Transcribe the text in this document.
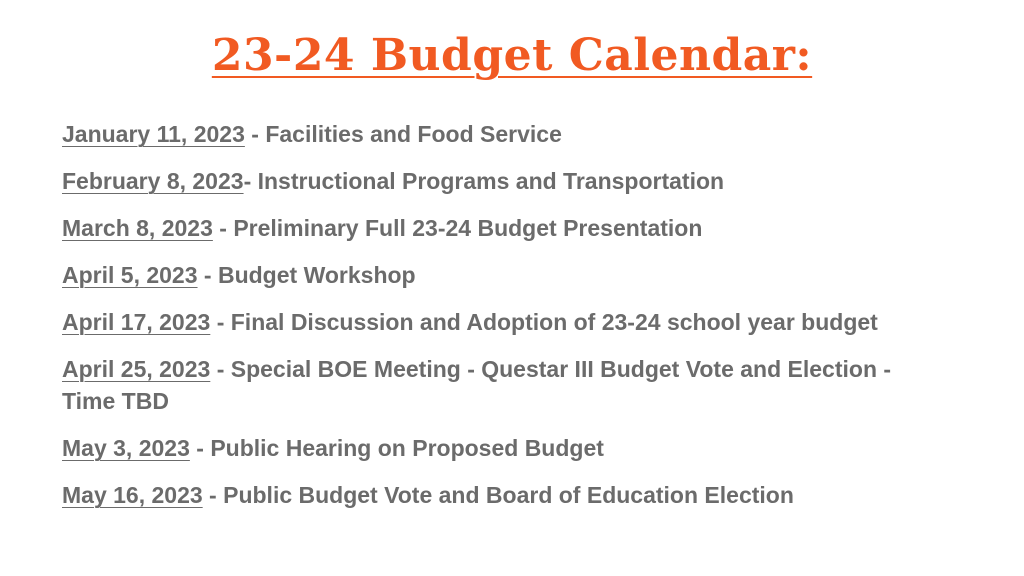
23-24 Budget Calendar:
January 11, 2023 - Facilities and Food Service
February 8, 2023- Instructional Programs and Transportation
March 8, 2023 - Preliminary Full 23-24 Budget Presentation
April 5, 2023 - Budget Workshop
April 17, 2023 - Final Discussion and Adoption of 23-24 school year budget
April 25, 2023 - Special BOE Meeting - Questar III Budget Vote and Election - Time TBD
May 3, 2023 - Public Hearing on Proposed Budget
May 16, 2023 - Public Budget Vote and Board of Education Election
